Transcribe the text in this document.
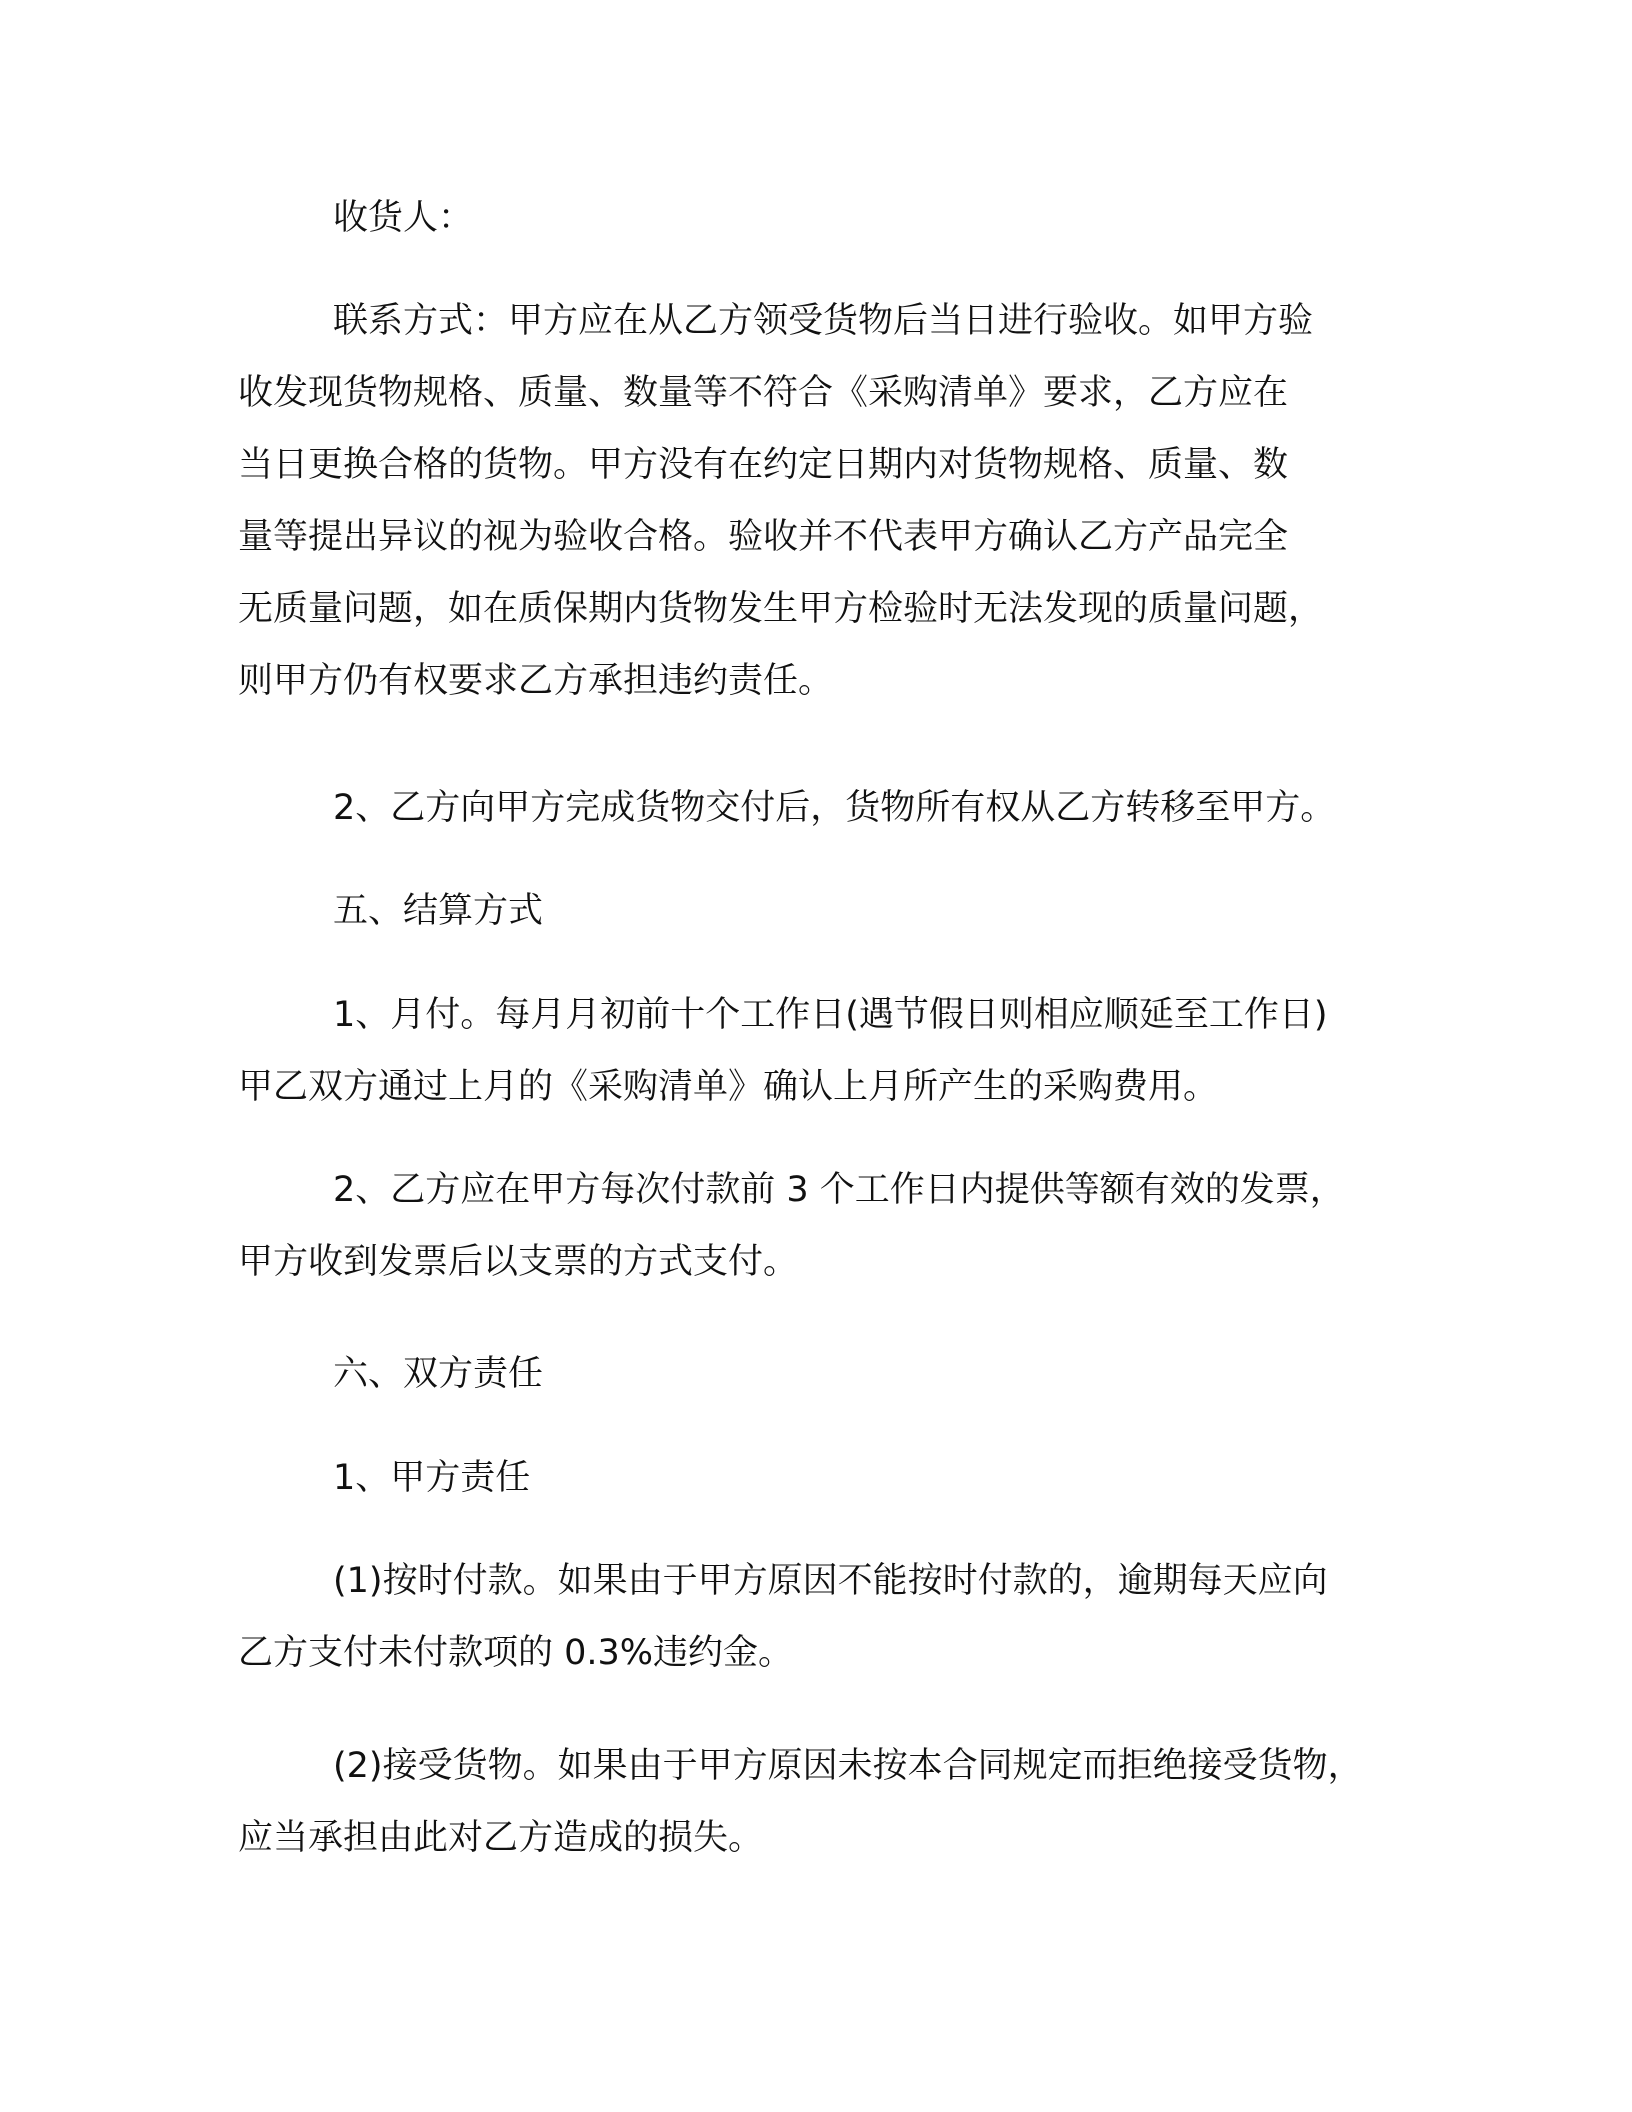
收货人：

联系方式：甲方应在从乙方领受货物后当日进行验收。如甲方验
收发现货物规格、质量、数量等不符合《采购清单》要求，乙方应在
当日更换合格的货物。甲方没有在约定日期内对货物规格、质量、数
量等提出异议的视为验收合格。验收并不代表甲方确认乙方产品完全
无质量问题，如在质保期内货物发生甲方检验时无法发现的质量问题，
则甲方仍有权要求乙方承担违约责任。

2、乙方向甲方完成货物交付后，货物所有权从乙方转移至甲方。

五、结算方式

1、月付。每月月初前十个工作日(遇节假日则相应顺延至工作日)
甲乙双方通过上月的《采购清单》确认上月所产生的采购费用。

2、乙方应在甲方每次付款前 3 个工作日内提供等额有效的发票，
甲方收到发票后以支票的方式支付。

六、双方责任

1、甲方责任

(1)按时付款。如果由于甲方原因不能按时付款的，逾期每天应向
乙方支付未付款项的 0.3%违约金。

(2)接受货物。如果由于甲方原因未按本合同规定而拒绝接受货物，
应当承担由此对乙方造成的损失。
